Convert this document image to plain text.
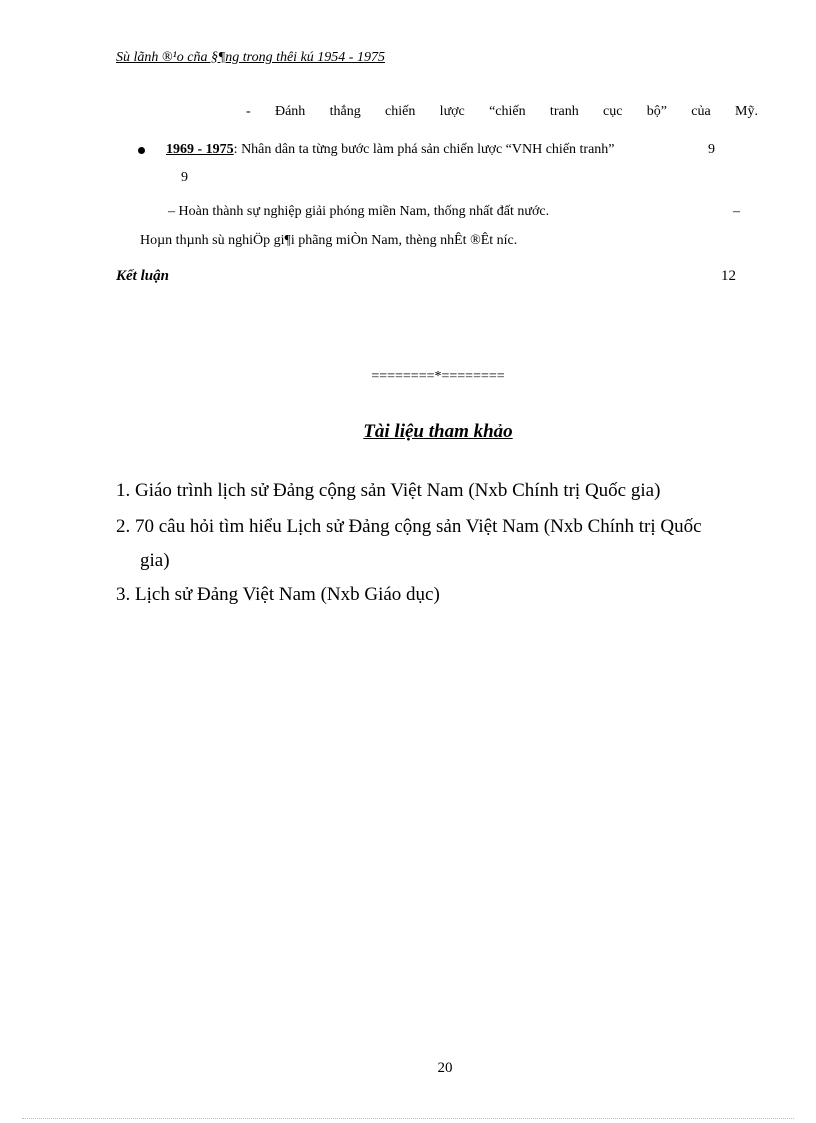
Sù lãnh ®¹o cña §¶ng trong thêi kú 1954 - 1975
- Đánh thắng chiến lược “chiến tranh cục bộ” của Mỹ.
1969 - 1975: Nhân dân ta từng bước làm phá sản chiến lược “VNH chiến tranh”	9
9
– Hoàn thành sự nghiệp giải phóng miền Nam, thống nhất đất nước.	–
Hoµn thµnh sù nghiÖp gi¶i phãng miÒn Nam, thèng nhÊt ®Êt níc.
Kết luận	12
========*========
Tài liệu tham khảo
1. Giáo trình lịch sử Đảng cộng sản Việt Nam (Nxb Chính trị Quốc gia)
2. 70 câu hỏi tìm hiểu Lịch sử Đảng cộng sản Việt Nam (Nxb Chính trị Quốc
gia)
3. Lịch sử Đảng Việt Nam (Nxb Giáo dục)
20
